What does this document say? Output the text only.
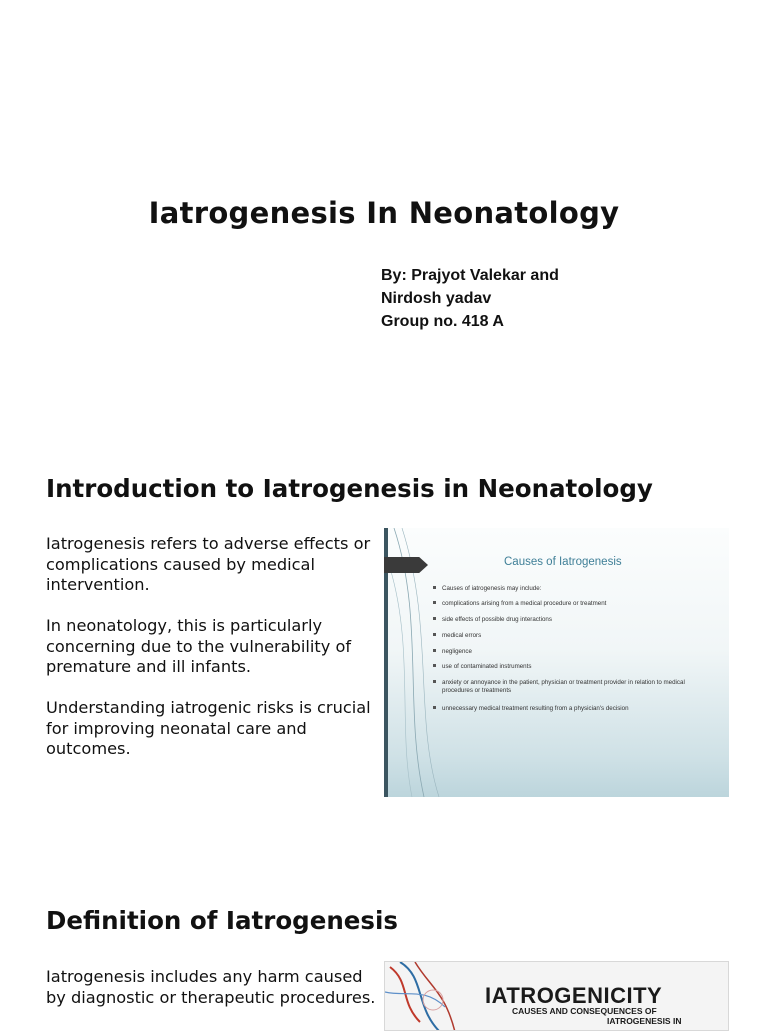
Iatrogenesis In Neonatology
By: Prajyot Valekar and
Nirdosh yadav
Group no. 418 A
Introduction to Iatrogenesis in Neonatology
Iatrogenesis refers to adverse effects or complications caused by medical intervention.
In neonatology, this is particularly concerning due to the vulnerability of premature and ill infants.
Understanding iatrogenic risks is crucial for improving neonatal care and outcomes.
Causes of Iatrogenesis
Causes of iatrogenesis may include:
complications arising from a medical procedure or treatment
side effects of possible drug interactions
medical errors
negligence
use of contaminated instruments
anxiety or annoyance in the patient, physician or treatment provider in relation to medical procedures or treatments
unnecessary medical treatment resulting from a physician's decision
Definition of Iatrogenesis
Iatrogenesis includes any harm caused by diagnostic or therapeutic procedures.	IATROGENICITY
CAUSES AND CONSEQUENCES OF
IATROGENESIS IN
